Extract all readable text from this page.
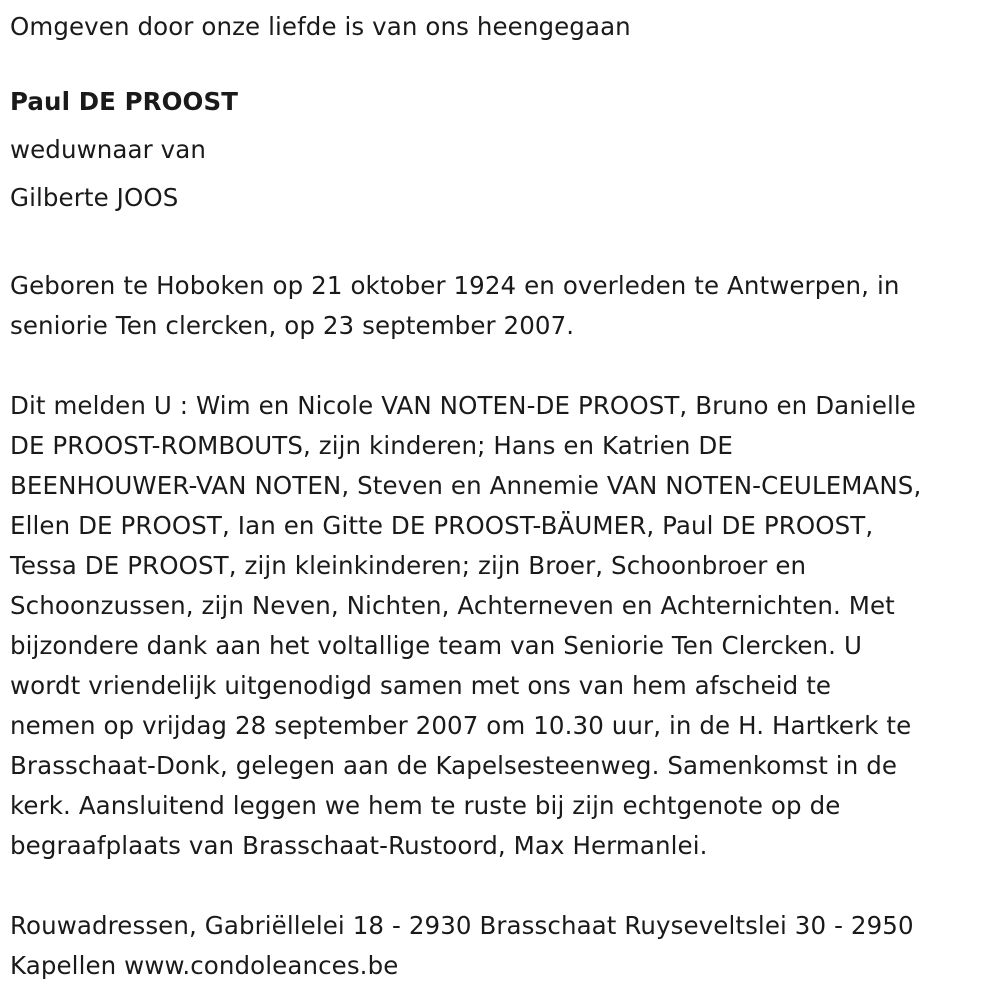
Omgeven door onze liefde is van ons heengegaan
Paul DE PROOST
weduwnaar van
Gilberte JOOS
Geboren te Hoboken op 21 oktober 1924 en overleden te Antwerpen, in
seniorie Ten clercken, op 23 september 2007.
Dit melden U : Wim en Nicole VAN NOTEN-DE PROOST, Bruno en Danielle
DE PROOST-ROMBOUTS, zijn kinderen; Hans en Katrien DE
BEENHOUWER-VAN NOTEN, Steven en Annemie VAN NOTEN-CEULEMANS,
Ellen DE PROOST, Ian en Gitte DE PROOST-BÄUMER, Paul DE PROOST,
Tessa DE PROOST, zijn kleinkinderen; zijn Broer, Schoonbroer en
Schoonzussen, zijn Neven, Nichten, Achterneven en Achternichten. Met
bijzondere dank aan het voltallige team van Seniorie Ten Clercken. U
wordt vriendelijk uitgenodigd samen met ons van hem afscheid te
nemen op vrijdag 28 september 2007 om 10.30 uur, in de H. Hartkerk te
Brasschaat-Donk, gelegen aan de Kapelsesteenweg. Samenkomst in de
kerk. Aansluitend leggen we hem te ruste bij zijn echtgenote op de
begraafplaats van Brasschaat-Rustoord, Max Hermanlei.
Rouwadressen, Gabriëllelei 18 - 2930 Brasschaat Ruyseveltslei 30 - 2950
Kapellen www.condoleances.be
